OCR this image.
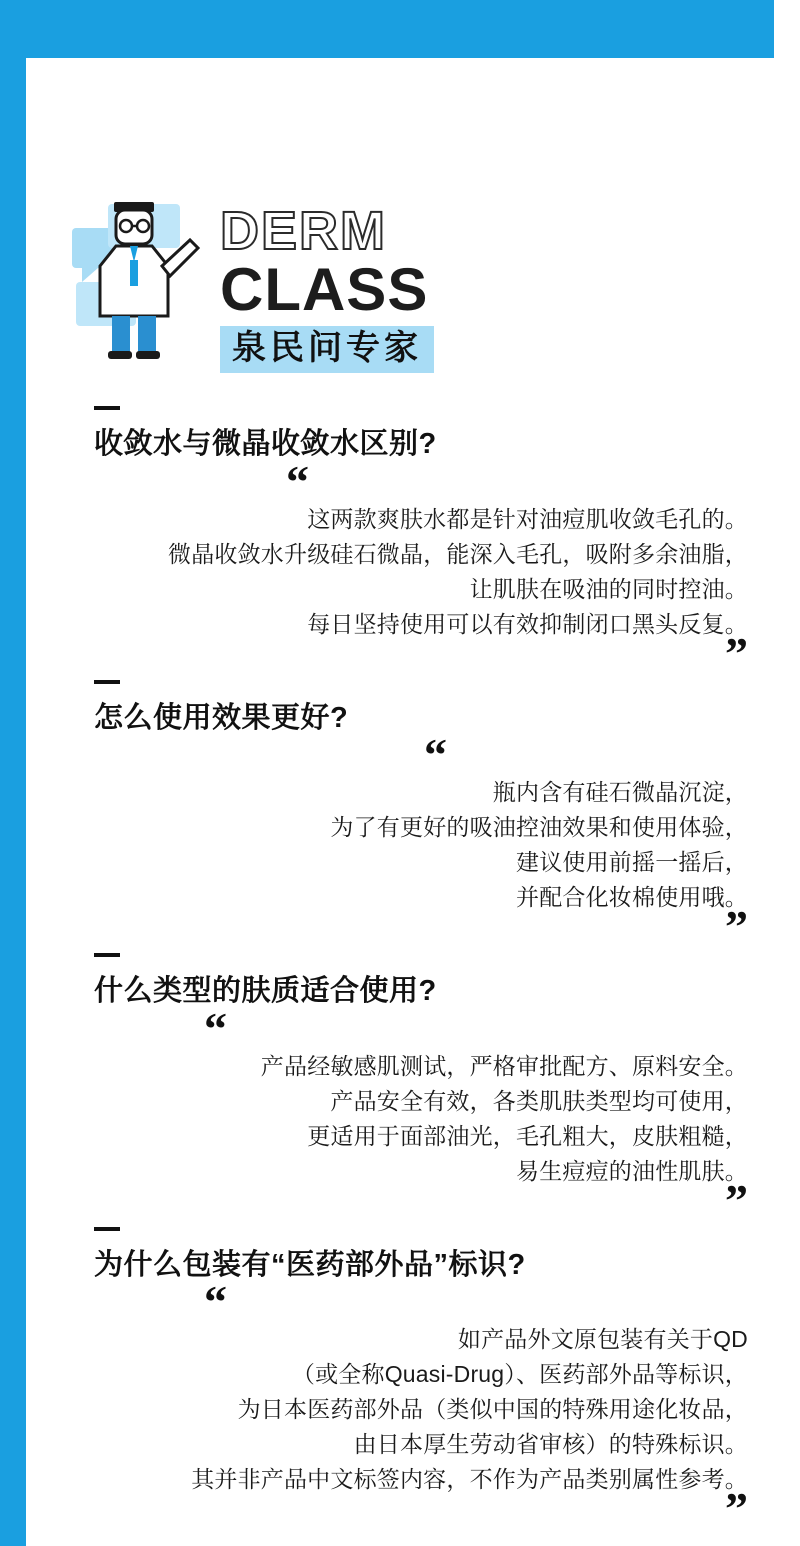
DERM
CLASS
泉民问专家
收敛水与微晶收敛水区别?
“

这两款爽肤水都是针对油痘肌收敛毛孔的。

微晶收敛水升级硅石微晶，能深入毛孔，吸附多余油脂，

让肌肤在吸油的同时控油。

每日坚持使用可以有效抑制闭口黑头反复。

”
怎么使用效果更好?
“

瓶内含有硅石微晶沉淀，

为了有更好的吸油控油效果和使用体验，

建议使用前摇一摇后，

并配合化妆棉使用哦。

”
什么类型的肤质适合使用?
“

产品经敏感肌测试，严格审批配方、原料安全。

产品安全有效，各类肌肤类型均可使用，

更适用于面部油光，毛孔粗大，皮肤粗糙，

易生痘痘的油性肌肤。

”
为什么包装有“医药部外品”标识?
“

如产品外文原包装有关于QD

（或全称Quasi-Drug）、医药部外品等标识，

为日本医药部外品（类似中国的特殊用途化妆品，

由日本厚生劳动省审核）的特殊标识。

其并非产品中文标签内容，不作为产品类别属性参考。

”
